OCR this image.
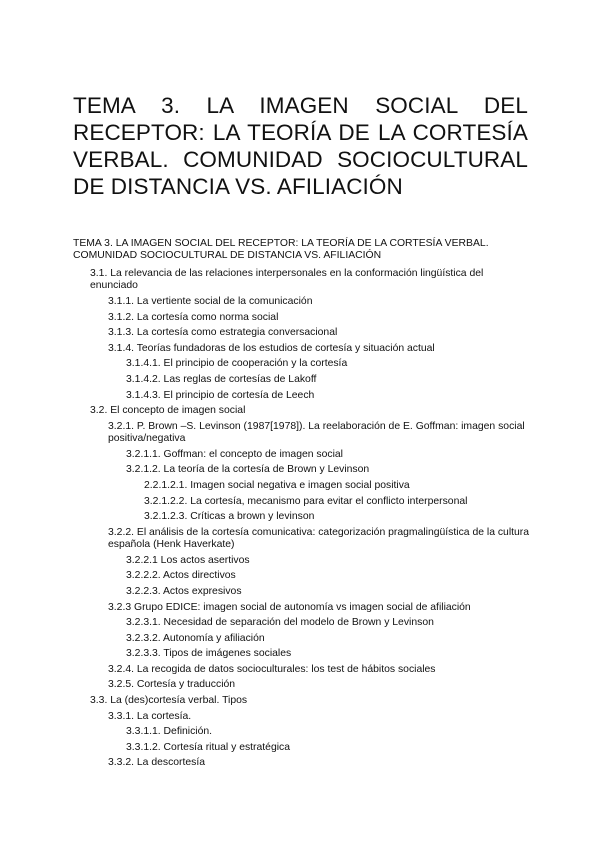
TEMA 3. LA IMAGEN SOCIAL DEL RECEPTOR: LA TEORÍA DE LA CORTESÍA VERBAL. COMUNIDAD SOCIOCULTURAL DE DISTANCIA VS. AFILIACIÓN
TEMA 3. LA IMAGEN SOCIAL DEL RECEPTOR: LA TEORÍA DE LA CORTESÍA VERBAL. COMUNIDAD SOCIOCULTURAL DE DISTANCIA VS. AFILIACIÓN
3.1. La relevancia de las relaciones interpersonales en la conformación lingüística del enunciado
3.1.1. La vertiente social de la comunicación
3.1.2. La cortesía como norma social
3.1.3. La cortesía como estrategia conversacional
3.1.4. Teorías fundadoras de los estudios de cortesía y situación actual
3.1.4.1. El principio de cooperación y la cortesía
3.1.4.2. Las reglas de cortesías de Lakoff
3.1.4.3. El principio de cortesía de Leech
3.2. El concepto de imagen social
3.2.1. P. Brown –S. Levinson (1987[1978]). La reelaboración de E. Goffman: imagen social positiva/negativa
3.2.1.1. Goffman: el concepto de imagen social
3.2.1.2. La teoría de la cortesía de Brown y Levinson
2.2.1.2.1. Imagen social negativa e imagen social positiva
3.2.1.2.2. La cortesía, mecanismo para evitar el conflicto interpersonal
3.2.1.2.3. Críticas a brown y levinson
3.2.2. El análisis de la cortesía comunicativa: categorización pragmalingüística de la cultura española (Henk Haverkate)
3.2.2.1 Los actos asertivos
3.2.2.2. Actos directivos
3.2.2.3. Actos expresivos
3.2.3 Grupo EDICE: imagen social de autonomía vs imagen social de afiliación
3.2.3.1. Necesidad de separación del modelo de Brown y Levinson
3.2.3.2. Autonomía y afiliación
3.2.3.3. Tipos de imágenes sociales
3.2.4. La recogida de datos socioculturales: los test de hábitos sociales
3.2.5. Cortesía y traducción
3.3. La (des)cortesía verbal. Tipos
3.3.1. La cortesía.
3.3.1.1. Definición.
3.3.1.2. Cortesía ritual y estratégica
3.3.2. La descortesía
